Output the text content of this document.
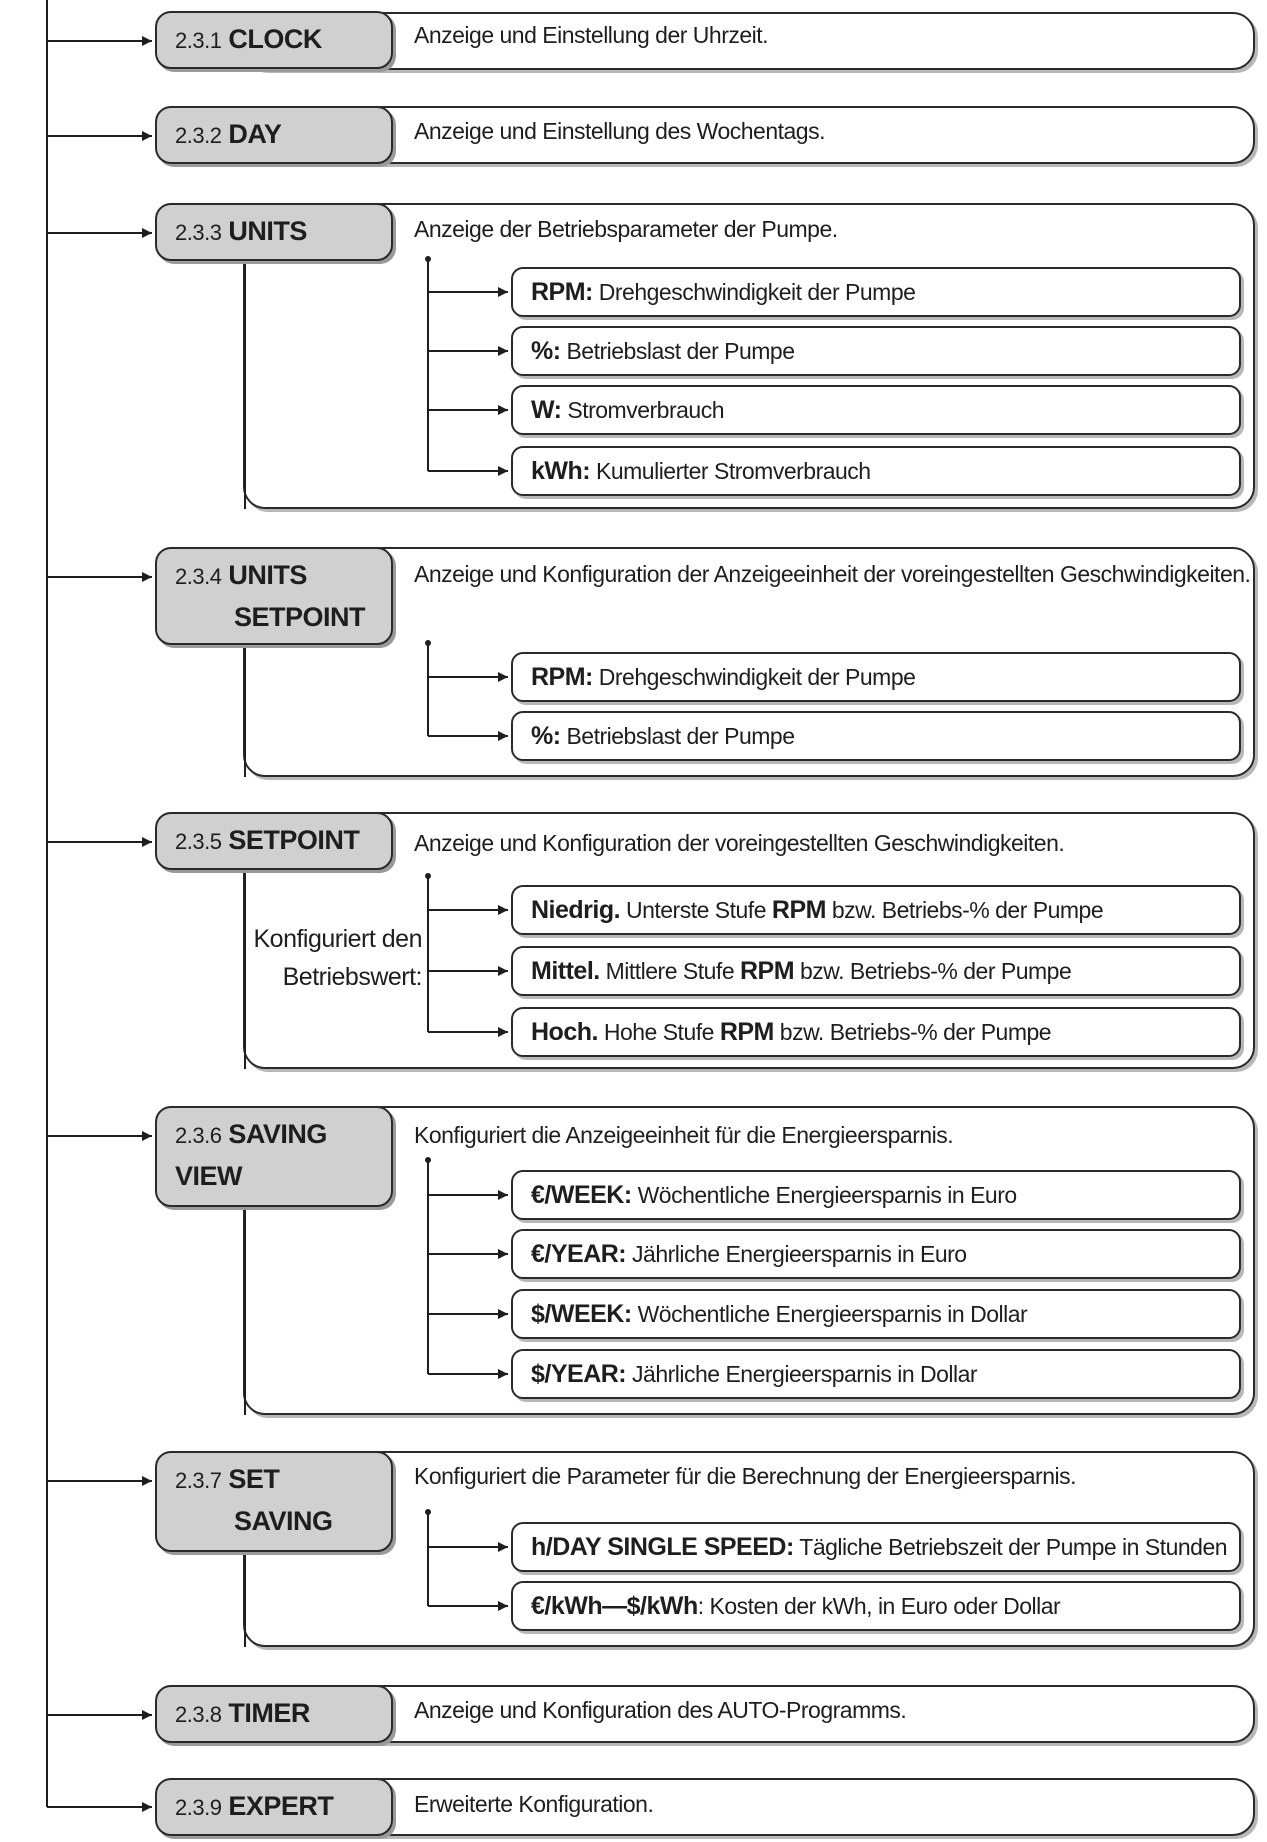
2.3.1 CLOCK
2.3.2 DAY
2.3.3 UNITS
2.3.4 UNITS
SETPOINT
2.3.5 SETPOINT
2.3.6 SAVING
VIEW
2.3.7 SET
SAVING
2.3.8 TIMER
2.3.9 EXPERT
Anzeige und Einstellung der Uhrzeit.
Anzeige und Einstellung des Wochentags.
Anzeige der Betriebsparameter der Pumpe.
Anzeige und Konfiguration der Anzeigeeinheit der voreingestellten Geschwindigkeiten.
Anzeige und Konfiguration der voreingestellten Geschwindigkeiten.
Konfiguriert die Anzeigeeinheit für die Energieersparnis.
Konfiguriert die Parameter für die Berechnung der Energieersparnis.
Anzeige und Konfiguration des AUTO-Programms.
Erweiterte Konfiguration.
RPM: Drehgeschwindigkeit der Pumpe
%: Betriebslast der Pumpe
W: Stromverbrauch
kWh: Kumulierter Stromverbrauch
RPM: Drehgeschwindigkeit der Pumpe
%: Betriebslast der Pumpe
Konfiguriert den Betriebswert:
Niedrig. Unterste Stufe RPM bzw. Betriebs-% der Pumpe
Mittel. Mittlere Stufe RPM bzw. Betriebs-% der Pumpe
Hoch. Hohe Stufe RPM bzw. Betriebs-% der Pumpe
€/WEEK: Wöchentliche Energieersparnis in Euro
€/YEAR: Jährliche Energieersparnis in Euro
$/WEEK: Wöchentliche Energieersparnis in Dollar
$/YEAR: Jährliche Energieersparnis in Dollar
h/DAY SINGLE SPEED: Tägliche Betriebszeit der Pumpe in Stunden
€/kWh—$/kWh: Kosten der kWh, in Euro oder Dollar
